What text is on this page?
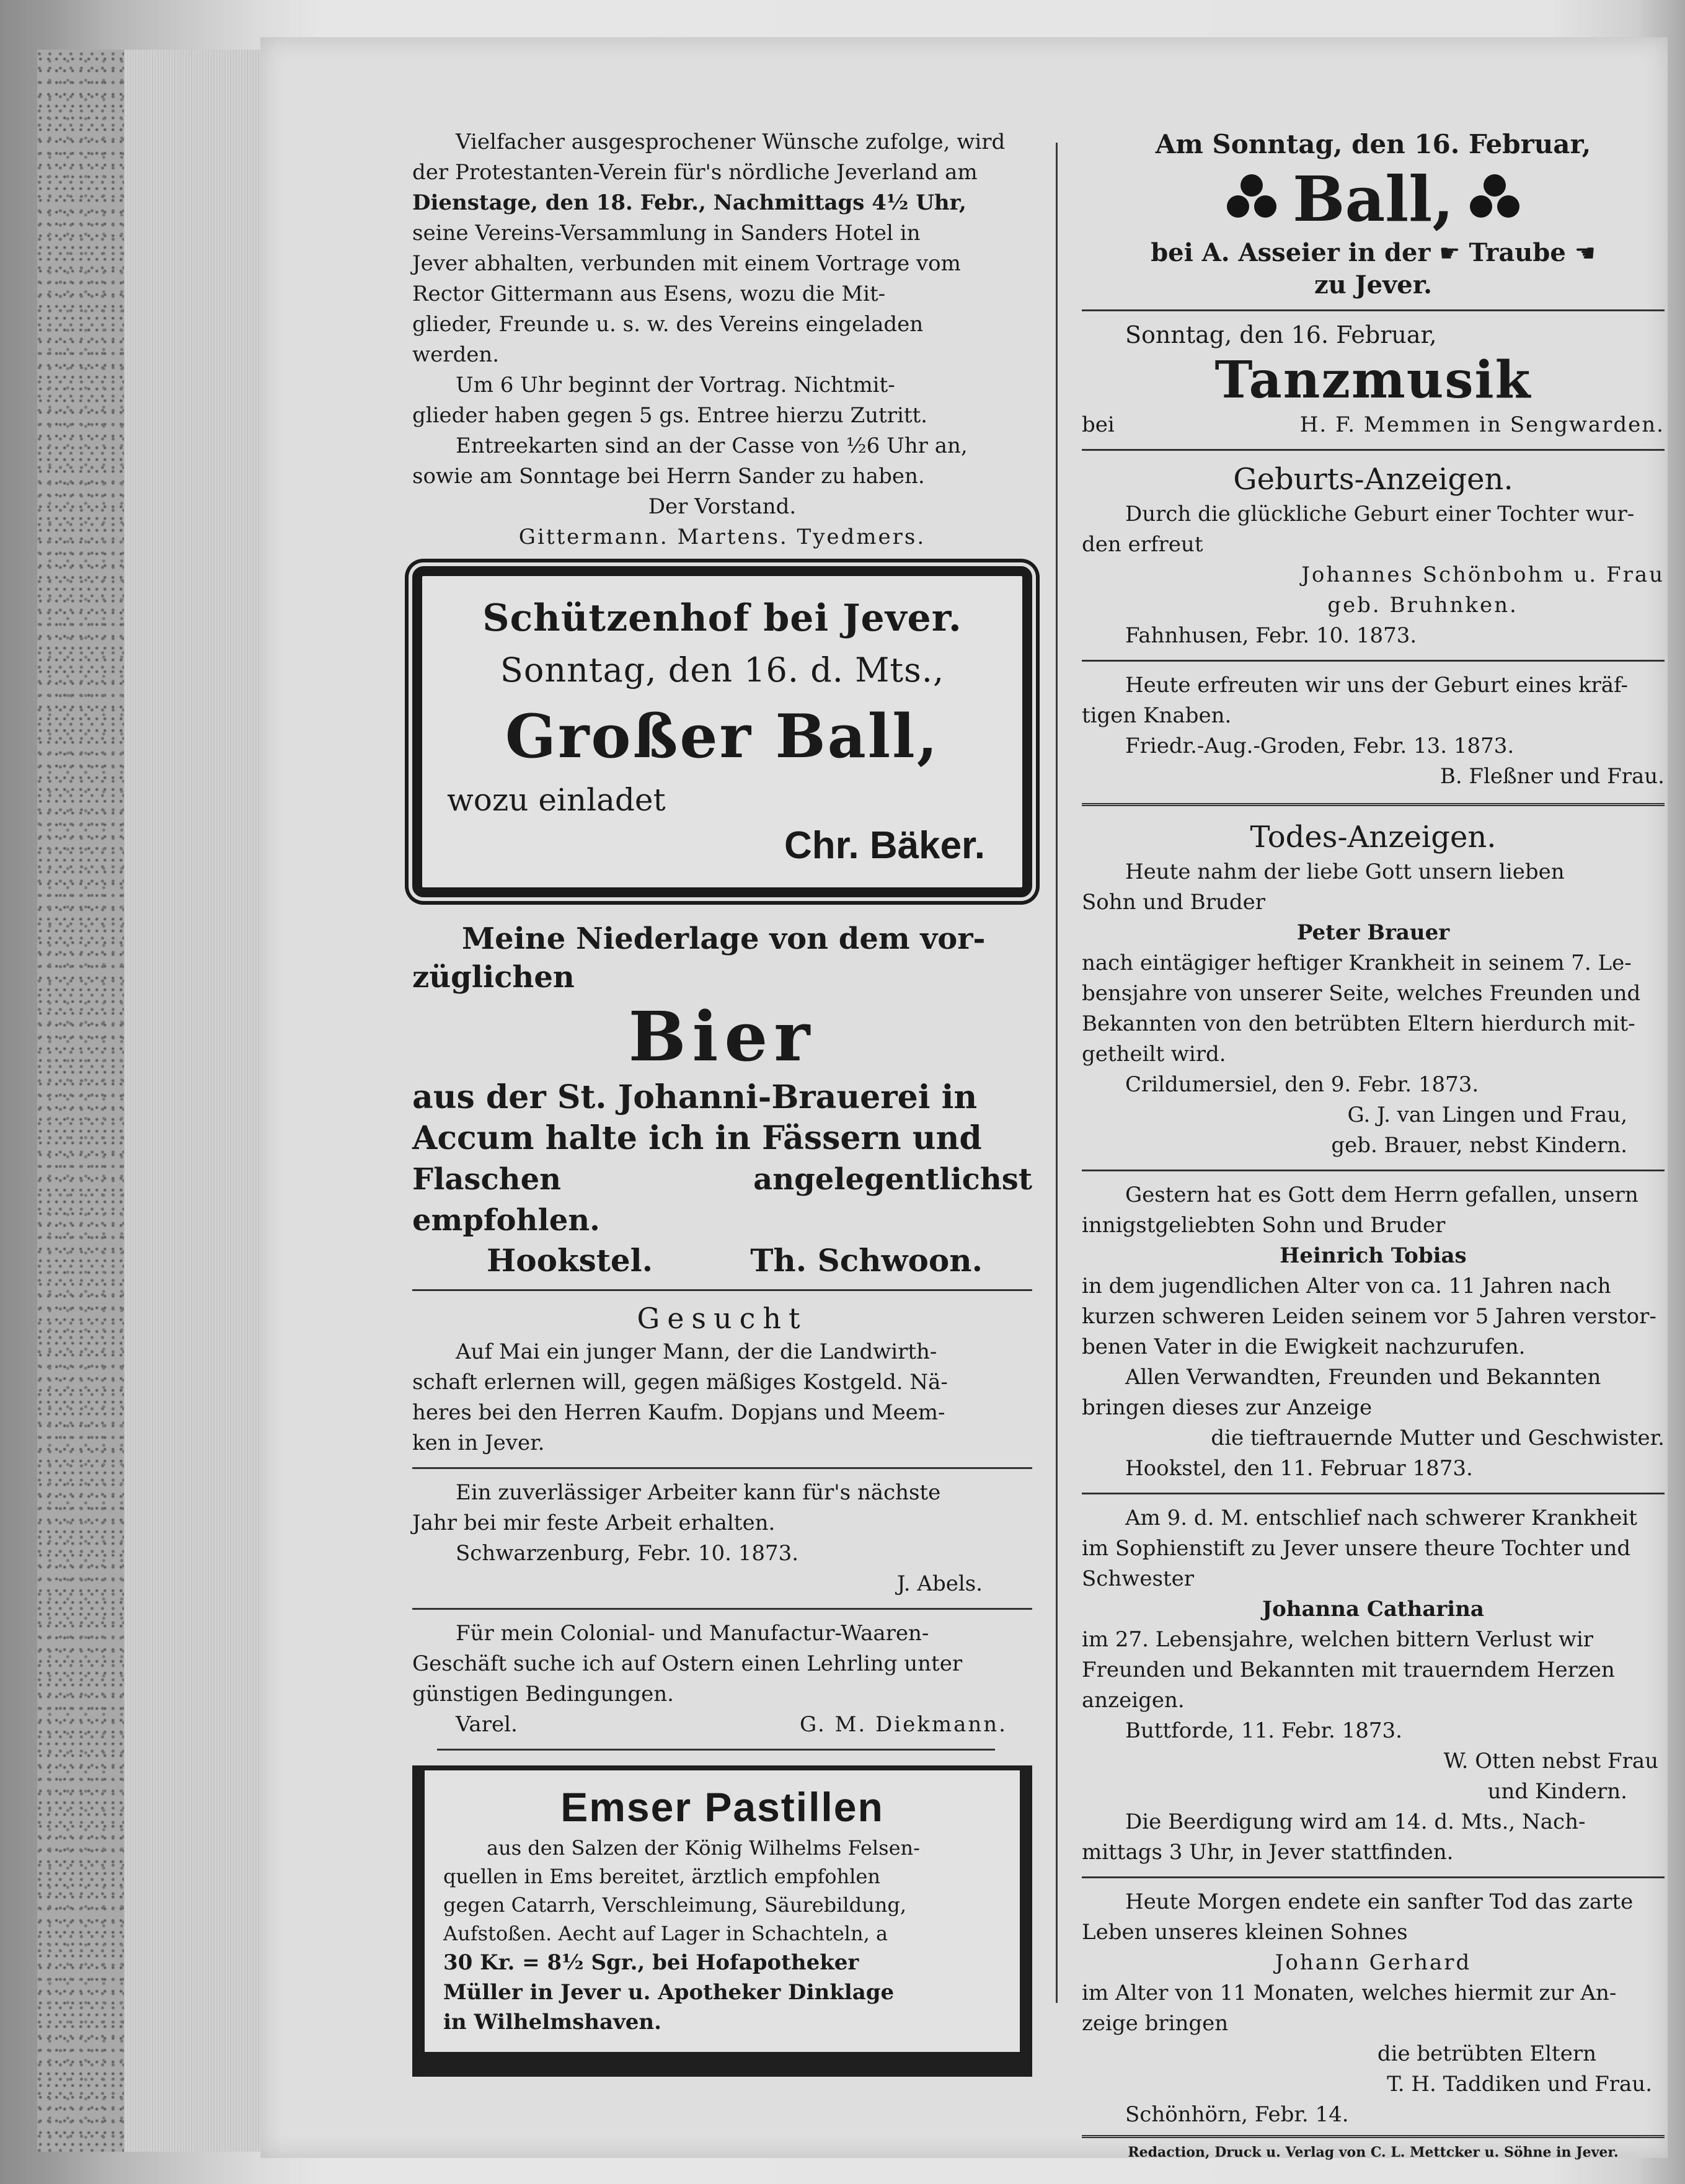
Vielfacher ausgesprochener Wünsche zufolge, wird

der Protestanten-Verein für's nördliche Jeverland am

Dienstage, den 18. Febr., Nachmittags 4½ Uhr,

seine Vereins-Versammlung in Sanders Hotel in

Jever abhalten, verbunden mit einem Vortrage vom

Rector Gittermann aus Esens, wozu die Mit-

glieder, Freunde u. s. w. des Vereins eingeladen

werden.

Um 6 Uhr beginnt der Vortrag. Nichtmit-

glieder haben gegen 5 gs. Entree hierzu Zutritt.

Entreekarten sind an der Casse von ½6 Uhr an,

sowie am Sonntage bei Herrn Sander zu haben.

Der Vorstand.

Gittermann. Martens. Tyedmers.

Schützenhof bei Jever.
Sonntag, den 16. d. Mts.,
Großer Ball,
wozu einladet
Chr. Bäker.

Meine Niederlage von dem vor-

züglichen

Bier

aus der St. Johanni-Brauerei in

Accum halte ich in Fässern und

Flaschen angelegentlichst empfohlen.

Hookstel.	Th. Schwoon.
Gesucht

Auf Mai ein junger Mann, der die Landwirth-

schaft erlernen will, gegen mäßiges Kostgeld. Nä-

heres bei den Herren Kaufm. Dopjans und Meem-

ken in Jever.

Ein zuverlässiger Arbeiter kann für's nächste

Jahr bei mir feste Arbeit erhalten.

Schwarzenburg, Febr. 10. 1873.

J. Abels.

Für mein Colonial- und Manufactur-Waaren-

Geschäft suche ich auf Ostern einen Lehrling unter

günstigen Bedingungen.

Varel.	G. M. Diekmann.
Emser Pastillen

aus den Salzen der König Wilhelms Felsen-

quellen in Ems bereitet, ärztlich empfohlen

gegen Catarrh, Verschleimung, Säurebildung,

Aufstoßen. Aecht auf Lager in Schachteln, a

30 Kr. = 8½ Sgr., bei Hofapotheker

Müller in Jever u. Apotheker Dinklage

in Wilhelmshaven.

Am Sonntag, den 16. Februar,
Ball,
bei A. Asseier in der ☛ Traube ☚
zu Jever.

Sonntag, den 16. Februar,

Tanzmusik
bei	H. F. Memmen in Sengwarden.
Geburts-Anzeigen.

Durch die glückliche Geburt einer Tochter wur-

den erfreut

Johannes Schönbohm u. Frau

geb. Bruhnken.

Fahnhusen, Febr. 10. 1873.

Heute erfreuten wir uns der Geburt eines kräf-

tigen Knaben.

Friedr.-Aug.-Groden, Febr. 13. 1873.

B. Fleßner und Frau.

Todes-Anzeigen.

Heute nahm der liebe Gott unsern lieben

Sohn und Bruder

Peter Brauer

nach eintägiger heftiger Krankheit in seinem 7. Le-

bensjahre von unserer Seite, welches Freunden und

Bekannten von den betrübten Eltern hierdurch mit-

getheilt wird.

Crildumersiel, den 9. Febr. 1873.

G. J. van Lingen und Frau,

geb. Brauer, nebst Kindern.

Gestern hat es Gott dem Herrn gefallen, unsern

innigstgeliebten Sohn und Bruder

Heinrich Tobias

in dem jugendlichen Alter von ca. 11 Jahren nach

kurzen schweren Leiden seinem vor 5 Jahren verstor-

benen Vater in die Ewigkeit nachzurufen.

Allen Verwandten, Freunden und Bekannten

bringen dieses zur Anzeige

die tieftrauernde Mutter und Geschwister.

Hookstel, den 11. Februar 1873.

Am 9. d. M. entschlief nach schwerer Krankheit

im Sophienstift zu Jever unsere theure Tochter und

Schwester

Johanna Catharina

im 27. Lebensjahre, welchen bittern Verlust wir

Freunden und Bekannten mit trauerndem Herzen

anzeigen.

Buttforde, 11. Febr. 1873.

W. Otten nebst Frau

und Kindern.

Die Beerdigung wird am 14. d. Mts., Nach-

mittags 3 Uhr, in Jever stattfinden.

Heute Morgen endete ein sanfter Tod das zarte

Leben unseres kleinen Sohnes

Johann Gerhard

im Alter von 11 Monaten, welches hiermit zur An-

zeige bringen

die betrübten Eltern

T. H. Taddiken und Frau.

Schönhörn, Febr. 14.

Redaction, Druck u. Verlag von C. L. Mettcker u. Söhne in Jever.
